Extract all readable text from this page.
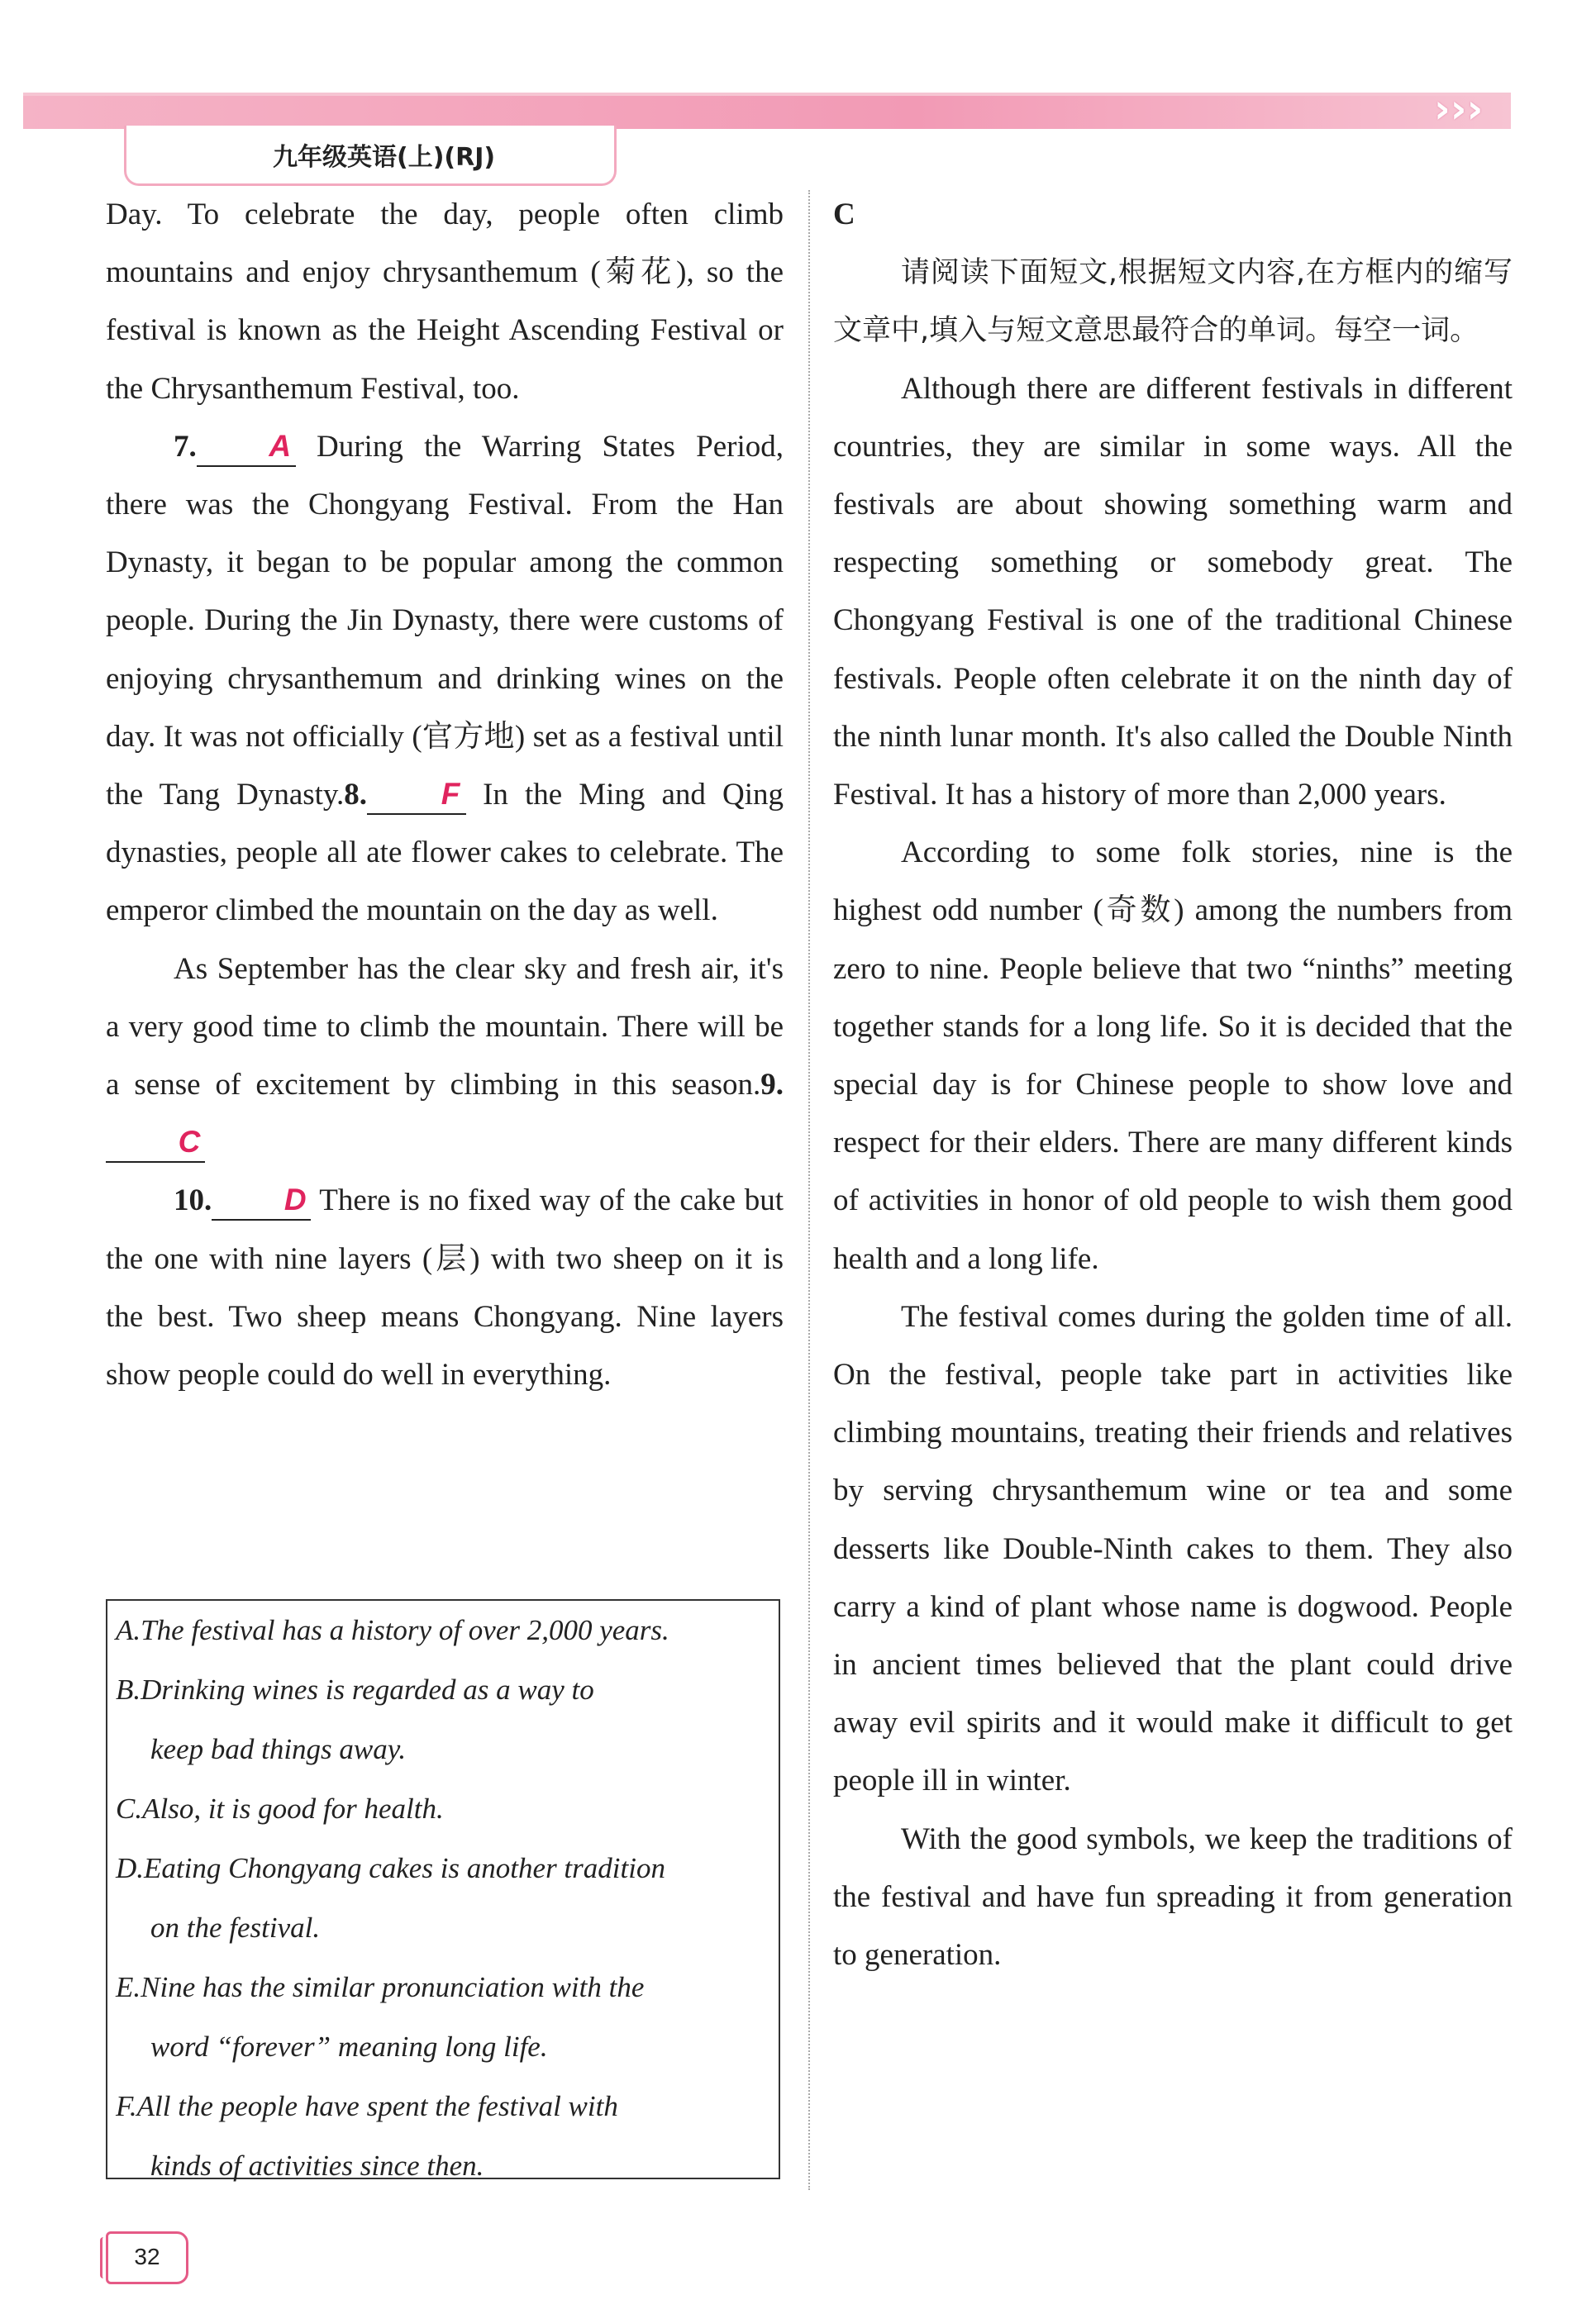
›››
九年级英语(上)(RJ)

Day. To celebrate the day, people often climb mountains and enjoy chrysanthemum (菊花), so the festival is known as the Height Ascending Festival or the Chrysanthemum Festival, too.

7. A During the Warring States Period, there was the Chongyang Festival. From the Han Dynasty, it began to be popular among the common people. During the Jin Dynasty, there were customs of enjoying chrysanthemum and drinking wines on the day. It was not officially (官方地) set as a festival until the Tang Dynasty.8. F In the Ming and Qing dynasties, people all ate flower cakes to celebrate. The emperor climbed the mountain on the day as well.

As September has the clear sky and fresh air, it's a very good time to climb the mountain. There will be a sense of excitement by climbing in this season.9.C

10. D There is no fixed way of the cake but the one with nine layers (层) with two sheep on it is the best. Two sheep means Chongyang. Nine layers show people could do well in everything.

A.The festival has a history of over 2,000 years.

B.Drinking wines is regarded as a way to
keep bad things away.

C.Also, it is good for health.

D.Eating Chongyang cakes is another tradition
on the festival.

E.Nine has the similar pronunciation with the
word “forever” meaning long life.

F.All the people have spent the festival with
kinds of activities since then.

C

请阅读下面短文,根据短文内容,在方框内的缩写文章中,填入与短文意思最符合的单词。每空一词。

Although there are different festivals in different countries, they are similar in some ways. All the festivals are about showing something warm and respecting something or somebody great. The Chongyang Festival is one of the traditional Chinese festivals. People often celebrate it on the ninth day of the ninth lunar month. It's also called the Double Ninth Festival. It has a history of more than 2,000 years.

According to some folk stories, nine is the highest odd number (奇数) among the numbers from zero to nine. People believe that two “ninths” meeting together stands for a long life. So it is decided that the special day is for Chinese people to show love and respect for their elders. There are many different kinds of activities in honor of old people to wish them good health and a long life.

The festival comes during the golden time of all. On the festival, people take part in activities like climbing mountains, treating their friends and relatives by serving chrysanthemum wine or tea and some desserts like Double-Ninth cakes to them. They also carry a kind of plant whose name is dogwood. People in ancient times believed that the plant could drive away evil spirits and it would make it difficult to get people ill in winter.

With the good symbols, we keep the traditions of the festival and have fun spreading it from generation to generation.

32
